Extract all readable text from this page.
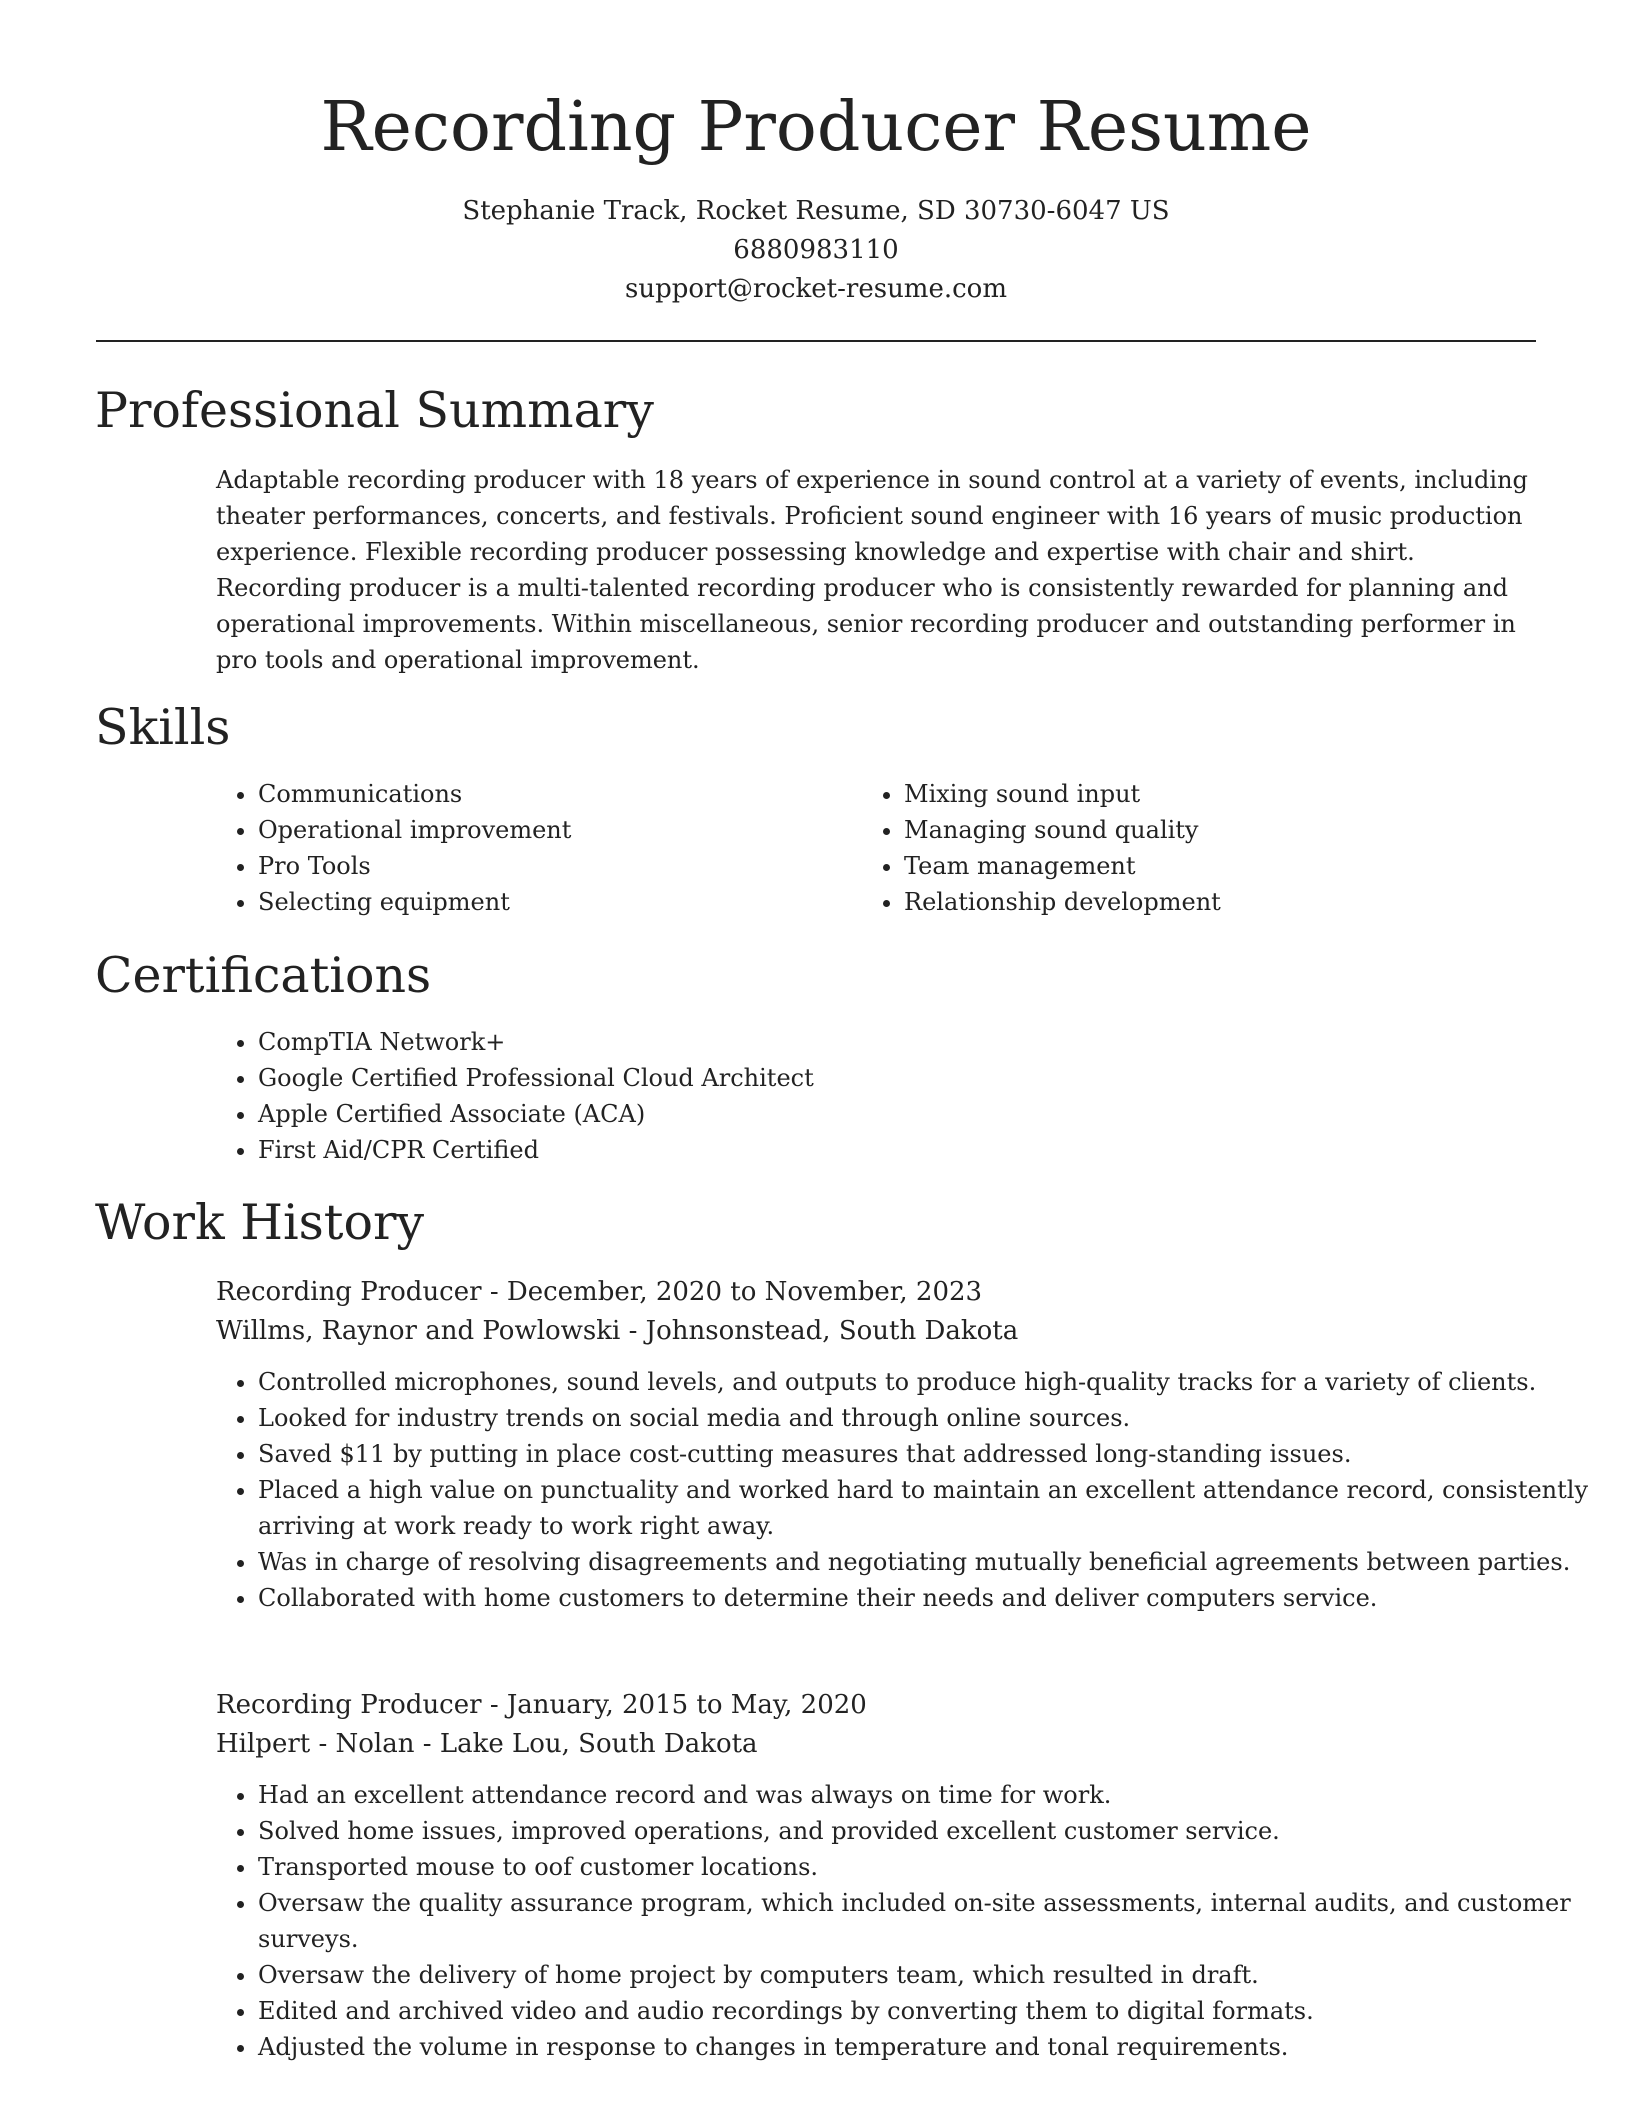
Recording Producer Resume
Stephanie Track, Rocket Resume, SD 30730-6047 US
6880983110
support@rocket-resume.com
Professional Summary

Adaptable recording producer with 18 years of experience in sound control at a variety of events, including theater performances, concerts, and festivals. Proficient sound engineer with 16 years of music production experience. Flexible recording producer possessing knowledge and expertise with chair and shirt. Recording producer is a multi-talented recording producer who is consistently rewarded for planning and operational improvements. Within miscellaneous, senior recording producer and outstanding performer in pro tools and operational improvement.

Skills
• Communications
• Operational improvement
• Pro Tools
• Selecting equipment
• Mixing sound input
• Managing sound quality
• Team management
• Relationship development
Certifications
• CompTIA Network+
• Google Certified Professional Cloud Architect
• Apple Certified Associate (ACA)
• First Aid/CPR Certified
Work History
Recording Producer - December, 2020 to November, 2023
Willms, Raynor and Powlowski - Johnsonstead, South Dakota
• Controlled microphones, sound levels, and outputs to produce high-quality tracks for a variety of clients.
• Looked for industry trends on social media and through online sources.
• Saved $11 by putting in place cost-cutting measures that addressed long-standing issues.
• Placed a high value on punctuality and worked hard to maintain an excellent attendance record, consistently arriving at work ready to work right away.
• Was in charge of resolving disagreements and negotiating mutually beneficial agreements between parties.
• Collaborated with home customers to determine their needs and deliver computers service.
Recording Producer - January, 2015 to May, 2020
Hilpert - Nolan - Lake Lou, South Dakota
• Had an excellent attendance record and was always on time for work.
• Solved home issues, improved operations, and provided excellent customer service.
• Transported mouse to oof customer locations.
• Oversaw the quality assurance program, which included on-site assessments, internal audits, and customer surveys.
• Oversaw the delivery of home project by computers team, which resulted in draft.
• Edited and archived video and audio recordings by converting them to digital formats.
• Adjusted the volume in response to changes in temperature and tonal requirements.
